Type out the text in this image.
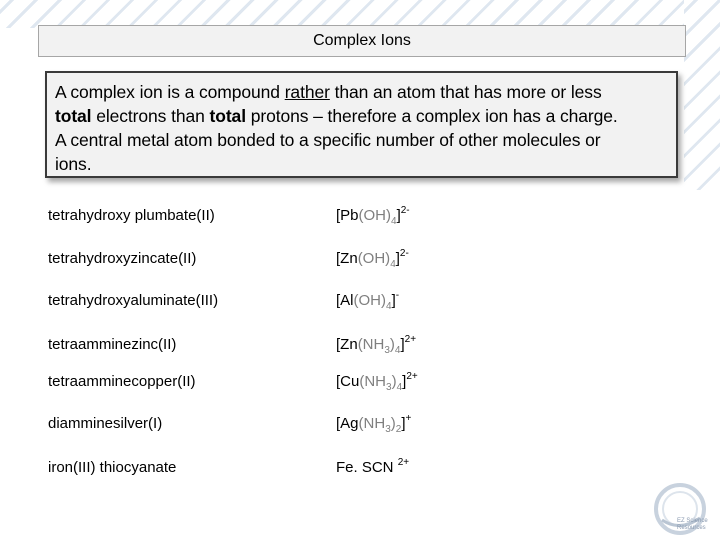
Complex Ions
A complex ion is a compound rather than an atom that has more or less
total electrons than total protons – therefore a complex ion has a charge.
A central metal atom bonded to a specific number of other molecules or
ions.
tetrahydroxy plumbate(II)	$[Pb(OH)_4]^{2-}$
tetrahydroxyzincate(II)	$[Zn(OH)_4]^{2-}$
tetrahydroxyaluminate(III)	$[Al(OH)_4]^-$
tetraamminezinc(II)	$[Zn(NH_3)_4]^{2+}$
tetraamminecopper(II)	$[Cu(NH_3)_4]^{2+}$
diamminesilver(I)	$[Ag(NH_3)_2]^+$
iron(III) thiocyanate	Fe. SCN $^{2+}$
EZ Science
Resources
